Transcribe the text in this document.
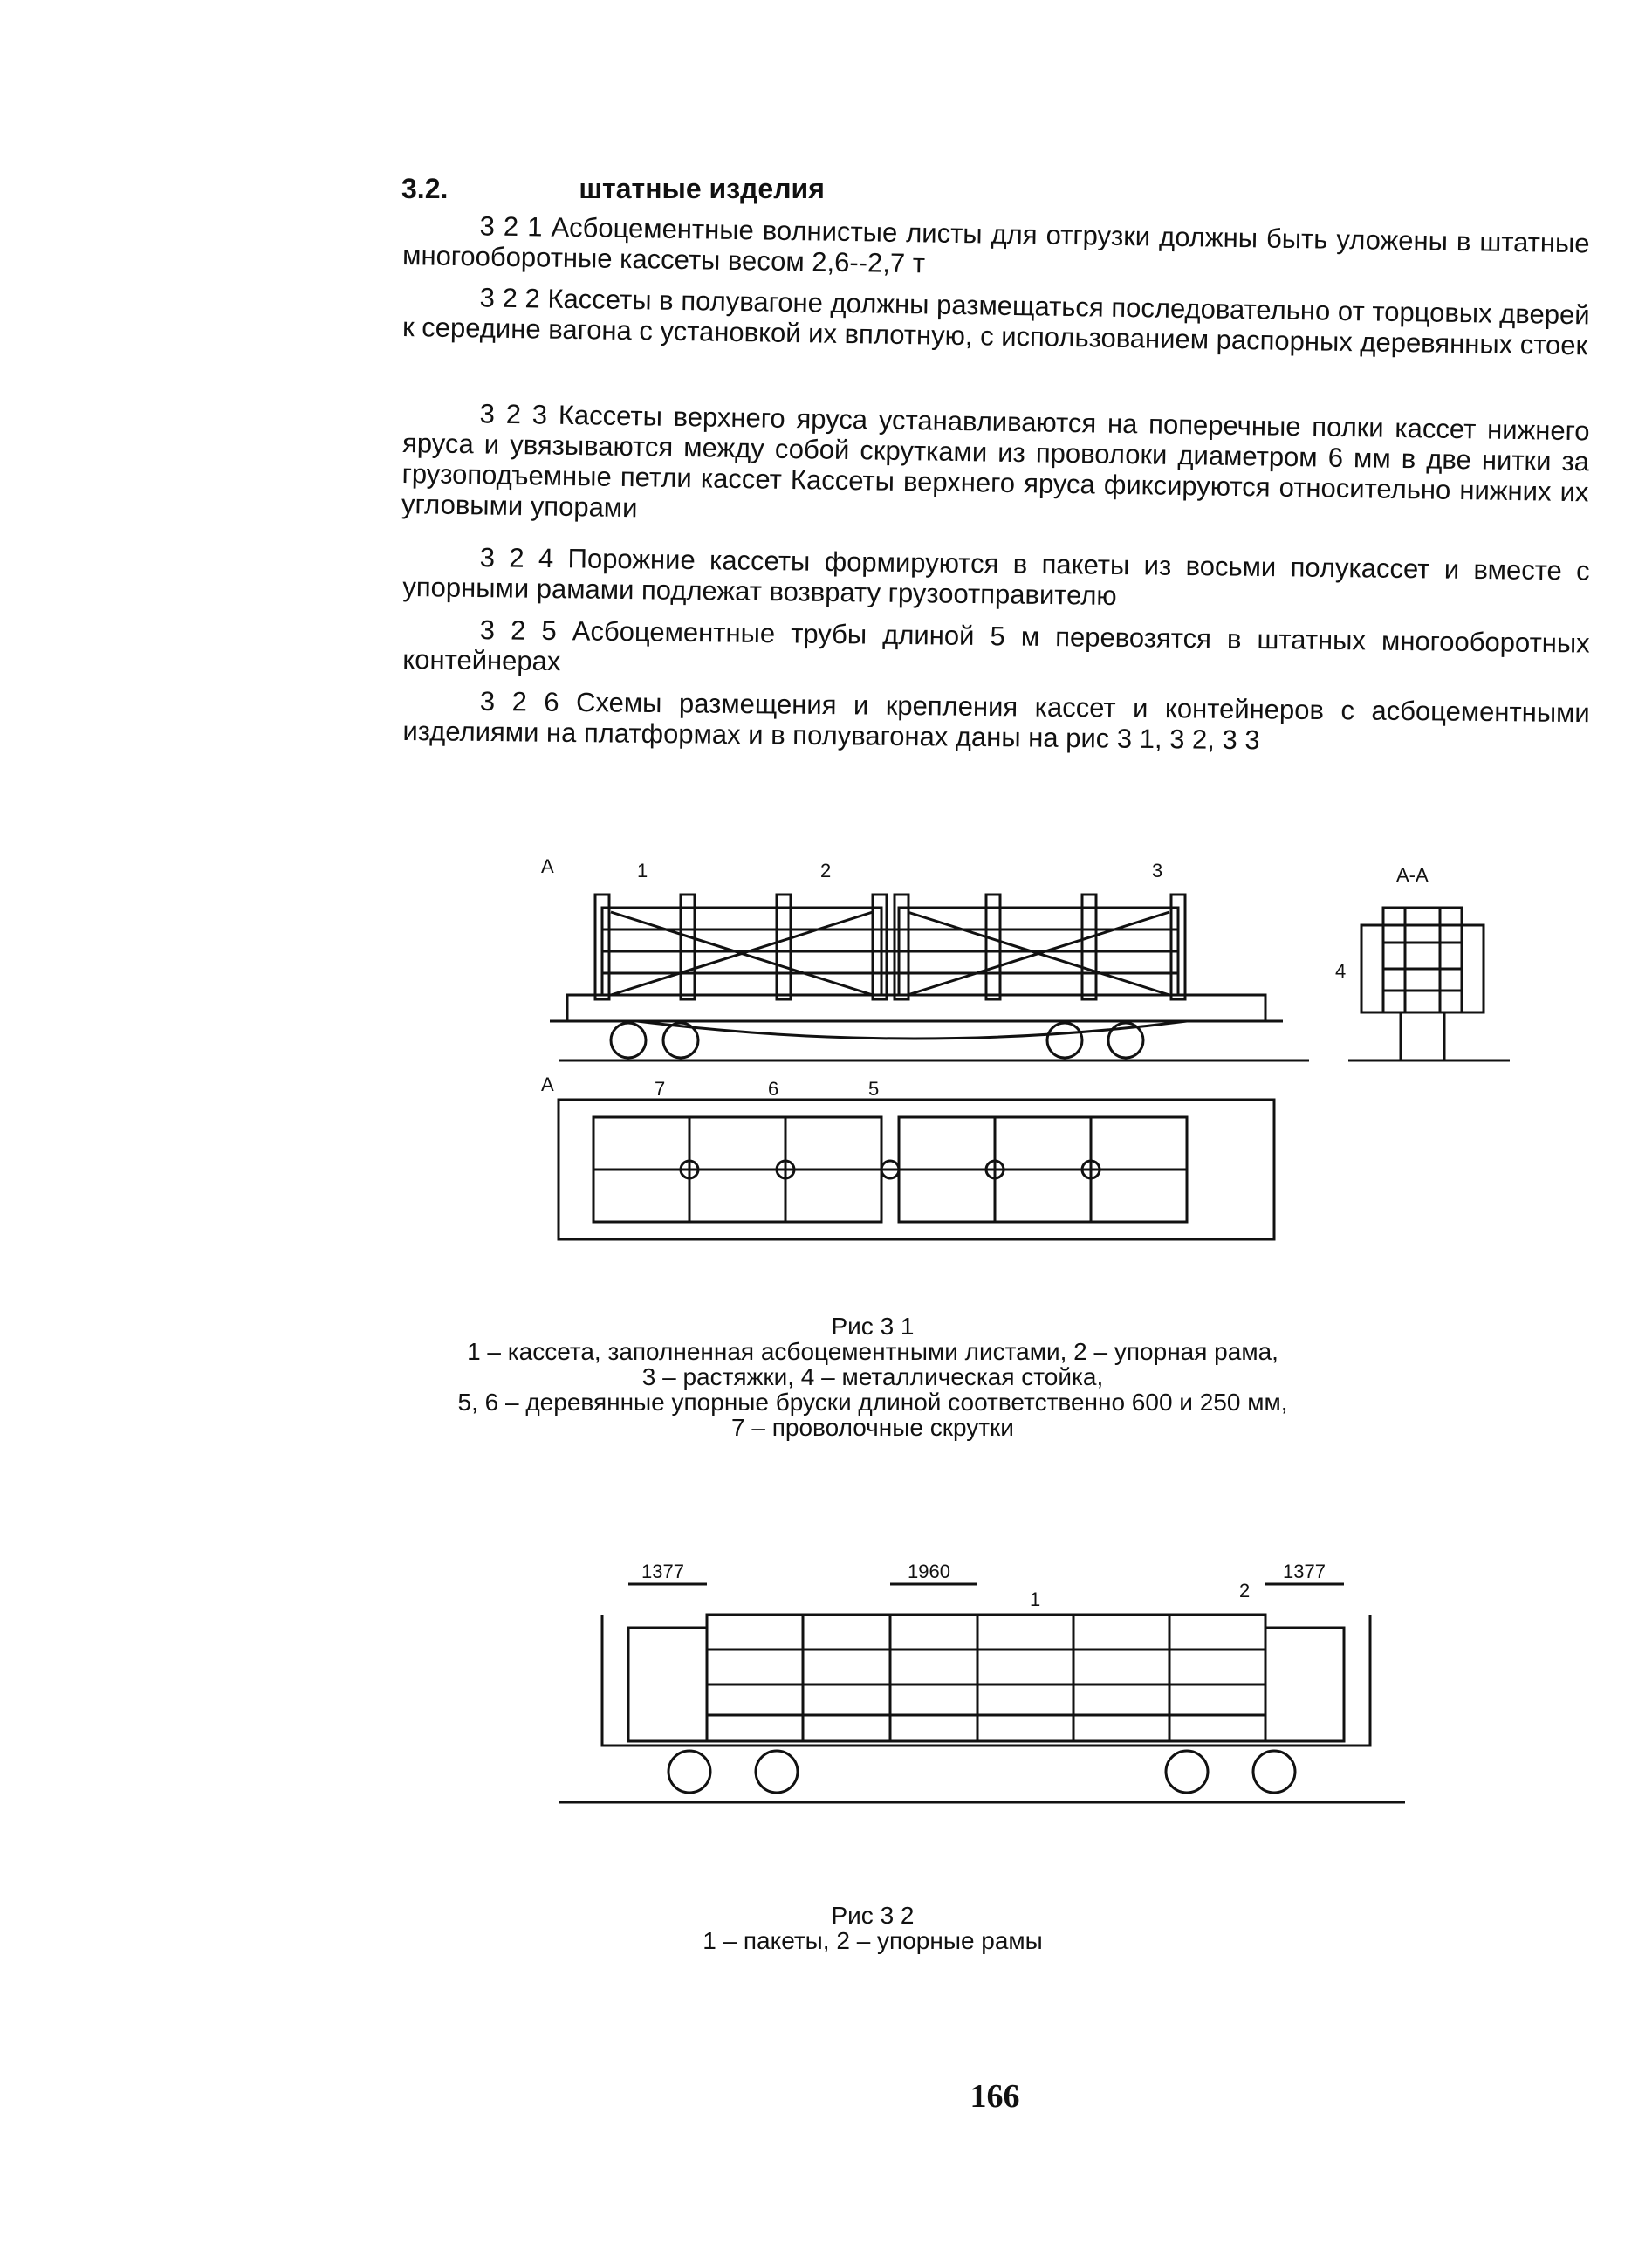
3.2.	штатные изделия

3 2 1 Асбоцементные волнистые листы для отгрузки должны быть уложены в штатные многооборотные кассеты весом 2,6--2,7 т

3 2 2 Кассеты в полувагоне должны размещаться последовательно от торцовых дверей к середине вагона с установкой их вплотную, с использованием распорных деревянных стоек

3 2 3 Кассеты верхнего яруса устанавливаются на поперечные полки кассет нижнего яруса и увязываются между собой скрутками из проволоки диаметром 6 мм в две нитки за грузоподъемные петли кассет Кассеты верхнего яруса фиксируются относительно нижних их угловыми упорами

3 2 4 Порожние кассеты формируются в пакеты из восьми полукассет и вместе с упорными рамами подлежат возврату грузоотправителю

3 2 5 Асбоцементные трубы длиной 5 м перевозятся в штатных многооборотных контейнерах

3 2 6 Схемы размещения и крепления кассет и контейнеров с асбоцементными изделиями на платформах и в полувагонах даны на рис 3 1, 3 2, 3 3

А
А
А-А
1	2	3
4
7	6	5
Рис 3 1
1 – кассета, заполненная асбоцементными листами, 2 – упорная рама,
3 – растяжки, 4 – металлическая стойка,
5, 6 – деревянные упорные бруски длиной соответственно 600 и 250 мм,
7 – проволочные скрутки
1377	1960	1377
1	2
Рис 3 2
1 – пакеты, 2 – упорные рамы
166
